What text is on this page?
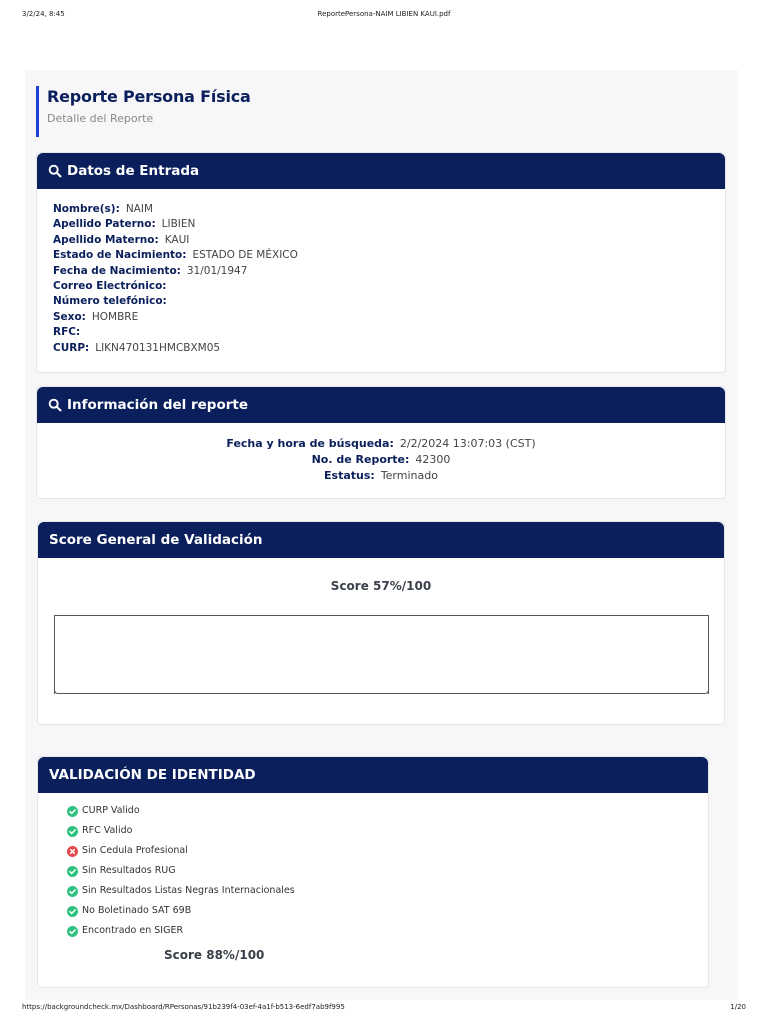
3/2/24, 8:45	ReportePersona-NAIM LIBIEN KAUI.pdf
Reporte Persona Física
Detalle del Reporte
Datos de Entrada
Nombre(s): NAIM
Apellido Paterno: LIBIEN
Apellido Materno: KAUI
Estado de Nacimiento: ESTADO DE MÉXICO
Fecha de Nacimiento: 31/01/1947
Correo Electrónico:
Número telefónico:
Sexo: HOMBRE
RFC:
CURP: LIKN470131HMCBXM05
Información del reporte
Fecha y hora de búsqueda: 2/2/2024 13:07:03 (CST)
No. de Reporte: 42300
Estatus: Terminado
Score General de Validación
Score 57%/100
VALIDACIÓN DE IDENTIDAD
CURP Valido
RFC Valido
Sin Cedula Profesional
Sin Resultados RUG
Sin Resultados Listas Negras Internacionales
No Boletinado SAT 69B
Encontrado en SIGER
Score 88%/100
https://backgroundcheck.mx/Dashboard/RPersonas/91b239f4-03ef-4a1f-b513-6edf7ab9f995	1/20
